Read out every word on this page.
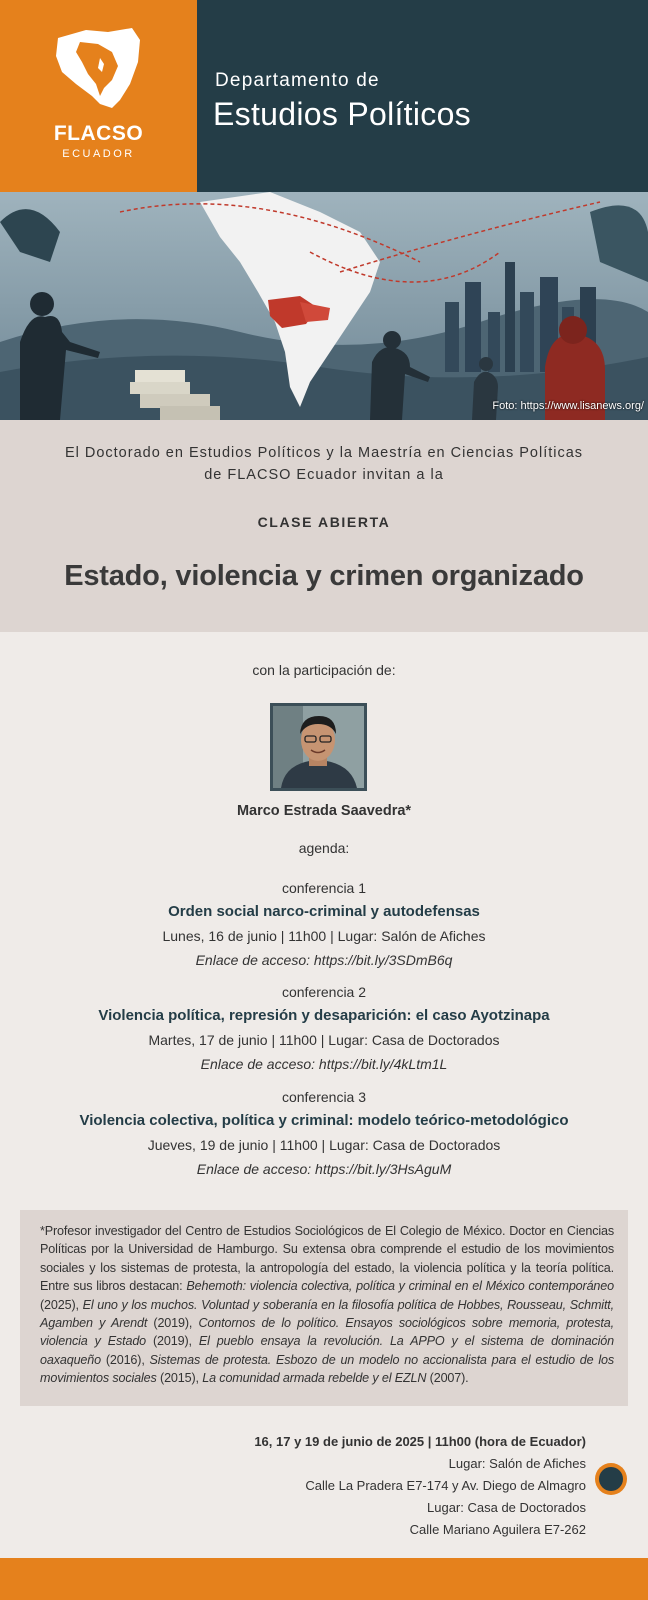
FLACSO
ECUADOR
Departamento de
Estudios Políticos
Foto: https://www.lisanews.org/
El Doctorado en Estudios Políticos y la Maestría en Ciencias Políticas
de FLACSO Ecuador invitan a la
CLASE ABIERTA
Estado, violencia y crimen organizado
con la participación de:
Marco Estrada Saavedra*
agenda:
conferencia 1
Orden social narco-criminal y autodefensas
Lunes, 16 de junio | 11h00 | Lugar: Salón de Afiches
Enlace de acceso: https://bit.ly/3SDmB6q
conferencia 2
Violencia política, represión y desaparición: el caso Ayotzinapa
Martes, 17 de junio | 11h00 | Lugar: Casa de Doctorados
Enlace de acceso: https://bit.ly/4kLtm1L
conferencia 3
Violencia colectiva, política y criminal: modelo teórico-metodológico
Jueves, 19 de junio | 11h00 | Lugar: Casa de Doctorados
Enlace de acceso: https://bit.ly/3HsAguM
*Profesor investigador del Centro de Estudios Sociológicos de El Colegio de México. Doctor en Ciencias Políticas por la Universidad de Hamburgo. Su extensa obra comprende el estudio de los movimientos sociales y los sistemas de protesta, la antropología del estado, la violencia política y la teoría política. Entre sus libros destacan: Behemoth: violencia colectiva, política y criminal en el México contemporáneo (2025), El uno y los muchos. Voluntad y soberanía en la filosofía política de Hobbes, Rousseau, Schmitt, Agamben y Arendt (2019), Contornos de lo político. Ensayos sociológicos sobre memoria, protesta, violencia y Estado (2019), El pueblo ensaya la revolución. La APPO y el sistema de dominación oaxaqueño (2016), Sistemas de protesta. Esbozo de un modelo no accionalista para el estudio de los movimientos sociales (2015), La comunidad armada rebelde y el EZLN (2007).
16, 17 y 19 de junio de 2025 | 11h00 (hora de Ecuador)
Lugar: Salón de Afiches
Calle La Pradera E7-174 y Av. Diego de Almagro
Lugar: Casa de Doctorados
Calle Mariano Aguilera E7-262
